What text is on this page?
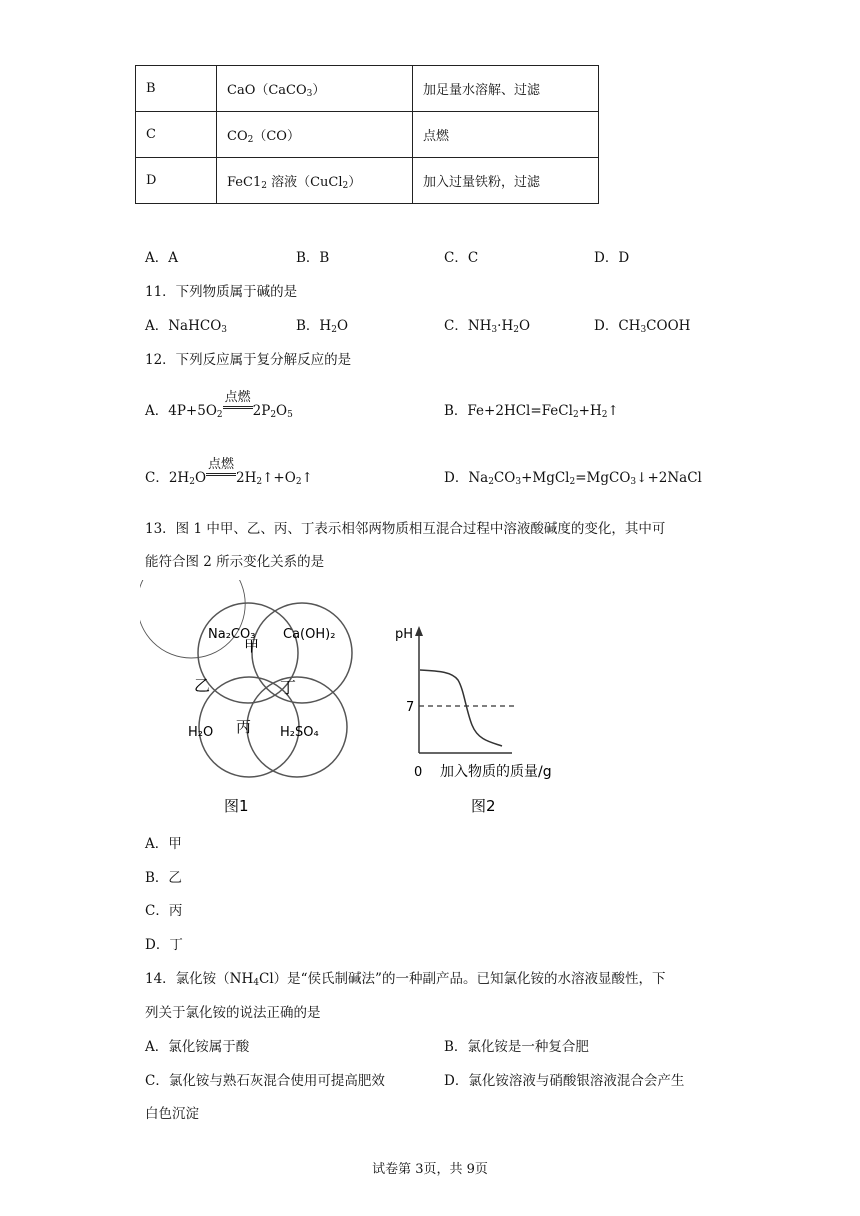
B	CaO（CaCO$_3$）	加足量水溶解、过滤
C	$CO_2(CO)$	点燃
D	$FeC1_2$ 溶液（CuCl$_2$）	加入过量铁粉，过滤
A．A	B．B	C．C	D．D
11．下列物质属于碱的是
A．NaHCO$_3$	B．$H_2O$	C．$NH_3\cdot H_2O$	D．$CH_3COOH$
12．下列反应属于复分解反应的是
A．$4P+5O_2$
点燃
$2P_2O_5$	B．$Fe+2HCl=FeCl_2+H_2↑$
C．$2H_2O$
点燃
$2H_2↑+O_2↑$	D．$Na_2CO_3+MgCl_2=MgCO_3↓+2NaCl$
13．图 1 中甲、乙、丙、丁表示相邻两物质相互混合过程中溶液酸碱度的变化，其中可
能符合图 2 所示变化关系的是
Na₂CO₃ Ca(OH)₂
H₂O	H₂SO₄
甲
乙
丙
丁
图1
pH
7
0 加入物质的质量/g
图2
A．甲
B．乙
C．丙
D．丁
14．氯化铵$(NH_4Cl)$是“侯氏制碱法”的一种副产品。已知氯化铵的水溶液显酸性，下
列关于氯化铵的说法正确的是
A．氯化铵属于酸	B．氯化铵是一种复合肥
C．氯化铵与熟石灰混合使用可提高肥效	D．氯化铵溶液与硝酸银溶液混合会产生
白色沉淀
试卷第 3页，共 9页
